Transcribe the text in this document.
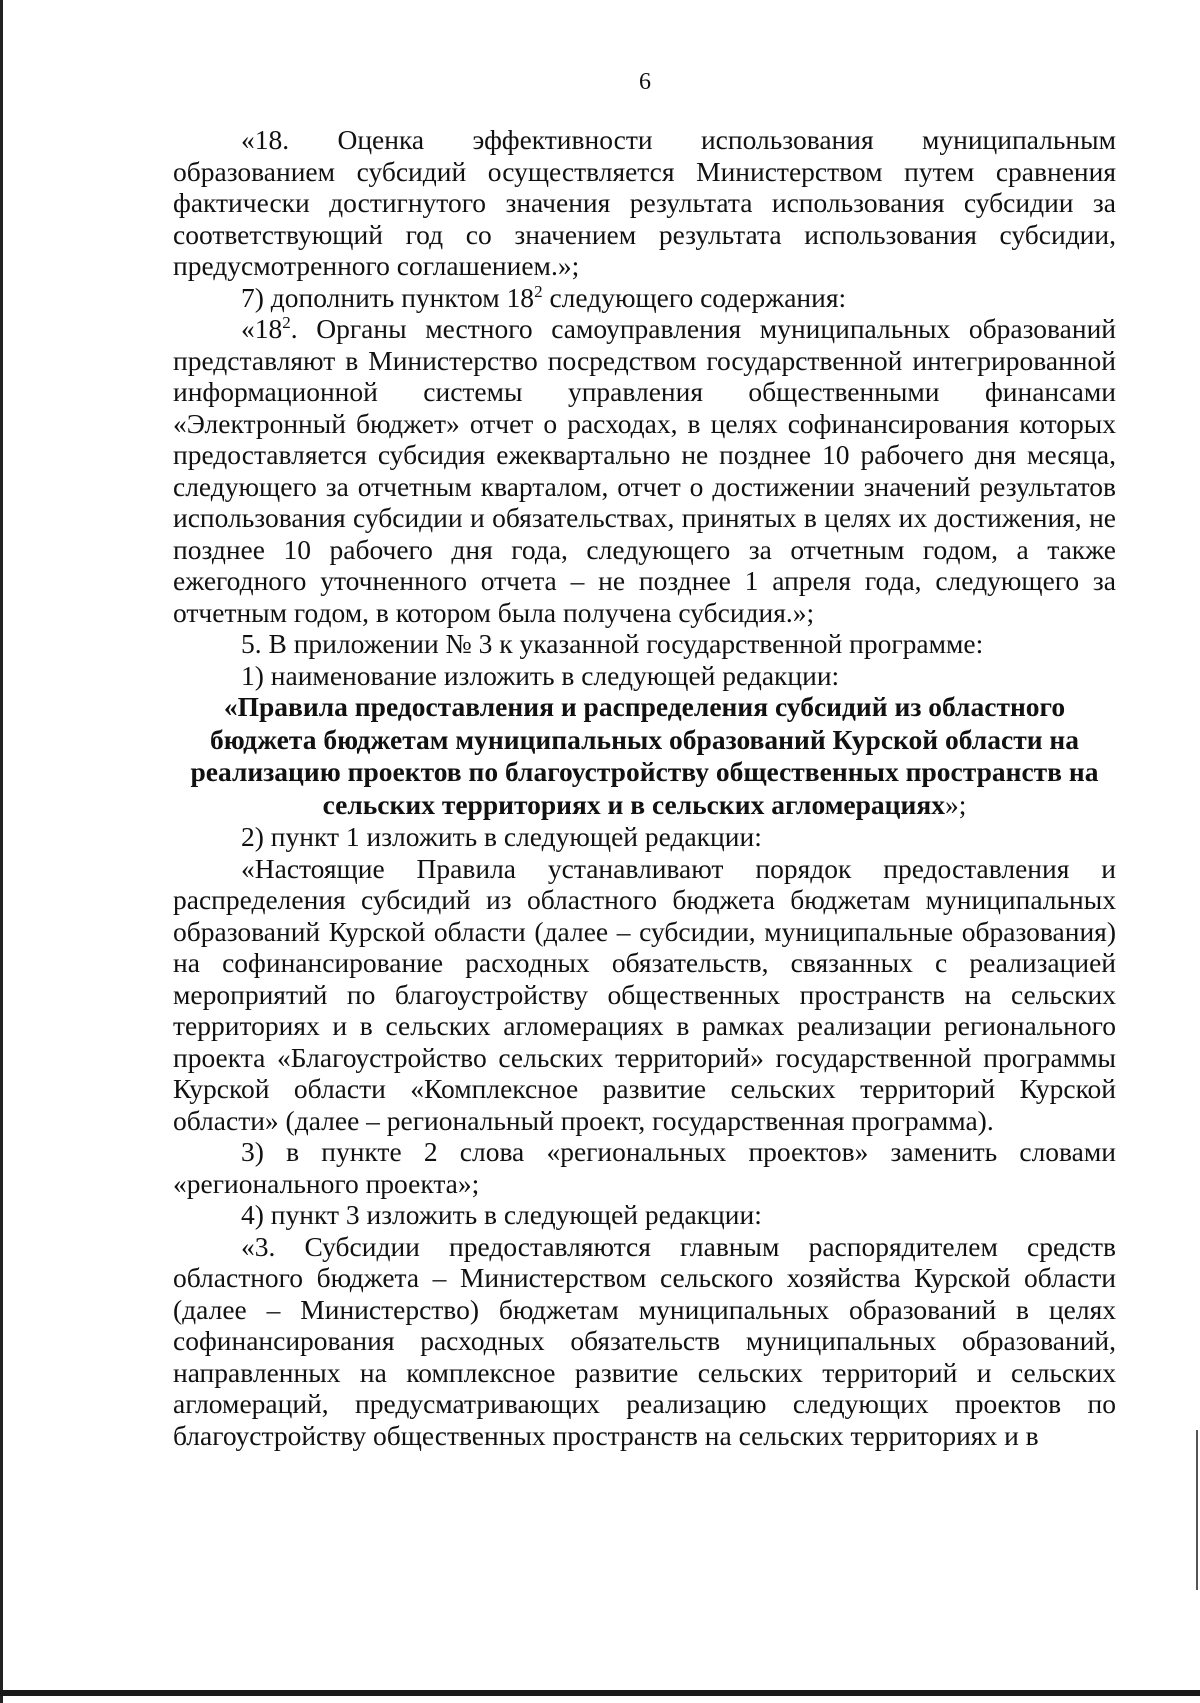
6

«18. Оценка эффективности использования муниципальным образованием субсидий осуществляется Министерством путем сравнения фактически достигнутого значения результата использования субсидии за соответствующий год со значением результата использования субсидии, предусмотренного соглашением.»;

7) дополнить пунктом $18^2$ следующего содержания:

«$18^2$. Органы местного самоуправления муниципальных образований представляют в Министерство посредством государственной интегрированной информационной системы управления общественными финансами «Электронный бюджет» отчет о расходах, в целях софинансирования которых предоставляется субсидия ежеквартально не позднее 10 рабочего дня месяца, следующего за отчетным кварталом, отчет о достижении значений результатов использования субсидии и обязательствах, принятых в целях их достижения, не позднее 10 рабочего дня года, следующего за отчетным годом, а также ежегодного уточненного отчета – не позднее 1 апреля года, следующего за отчетным годом, в котором была получена субсидия.»;

5. В приложении № 3 к указанной государственной программе:

1) наименование изложить в следующей редакции:

«Правила предоставления и распределения субсидий из областного бюджета бюджетам муниципальных образований Курской области на реализацию проектов по благоустройству общественных пространств на сельских территориях и в сельских агломерациях»;

2) пункт 1 изложить в следующей редакции:

«Настоящие Правила устанавливают порядок предоставления и распределения субсидий из областного бюджета бюджетам муниципальных образований Курской области (далее – субсидии, муниципальные образования) на софинансирование расходных обязательств, связанных с реализацией мероприятий по благоустройству общественных пространств на сельских территориях и в сельских агломерациях в рамках реализации регионального проекта «Благоустройство сельских территорий» государственной программы Курской области «Комплексное развитие сельских территорий Курской области» (далее – региональный проект, государственная программа).

3) в пункте 2 слова «региональных проектов» заменить словами «регионального проекта»;

4) пункт 3 изложить в следующей редакции:

«3. Субсидии предоставляются главным распорядителем средств областного бюджета – Министерством сельского хозяйства Курской области (далее – Министерство) бюджетам муниципальных образований в целях софинансирования расходных обязательств муниципальных образований, направленных на комплексное развитие сельских территорий и сельских агломераций, предусматривающих реализацию следующих проектов по благоустройству общественных пространств на сельских территориях и в
